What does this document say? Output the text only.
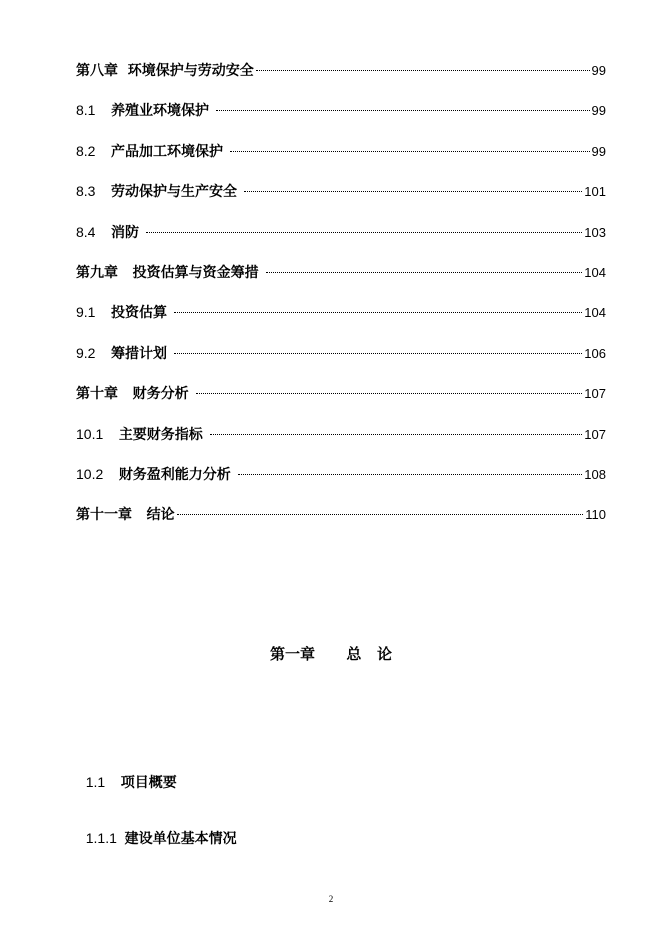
第八章  环境保护与劳动安全	99
8.1 养殖业环境保护	99
8.2 产品加工环境保护	99
8.3 劳动保护与生产安全	101
8.4 消防	103
第九章   投资估算与资金筹措	104
9.1 投资估算	104
9.2 筹措计划	106
第十章   财务分析	107
10.1 主要财务指标	107
10.2 财务盈利能力分析	108
第十一章   结论	110
第一章      总   论

1.1    项目概要

1.1.1  建设单位基本情况

2
